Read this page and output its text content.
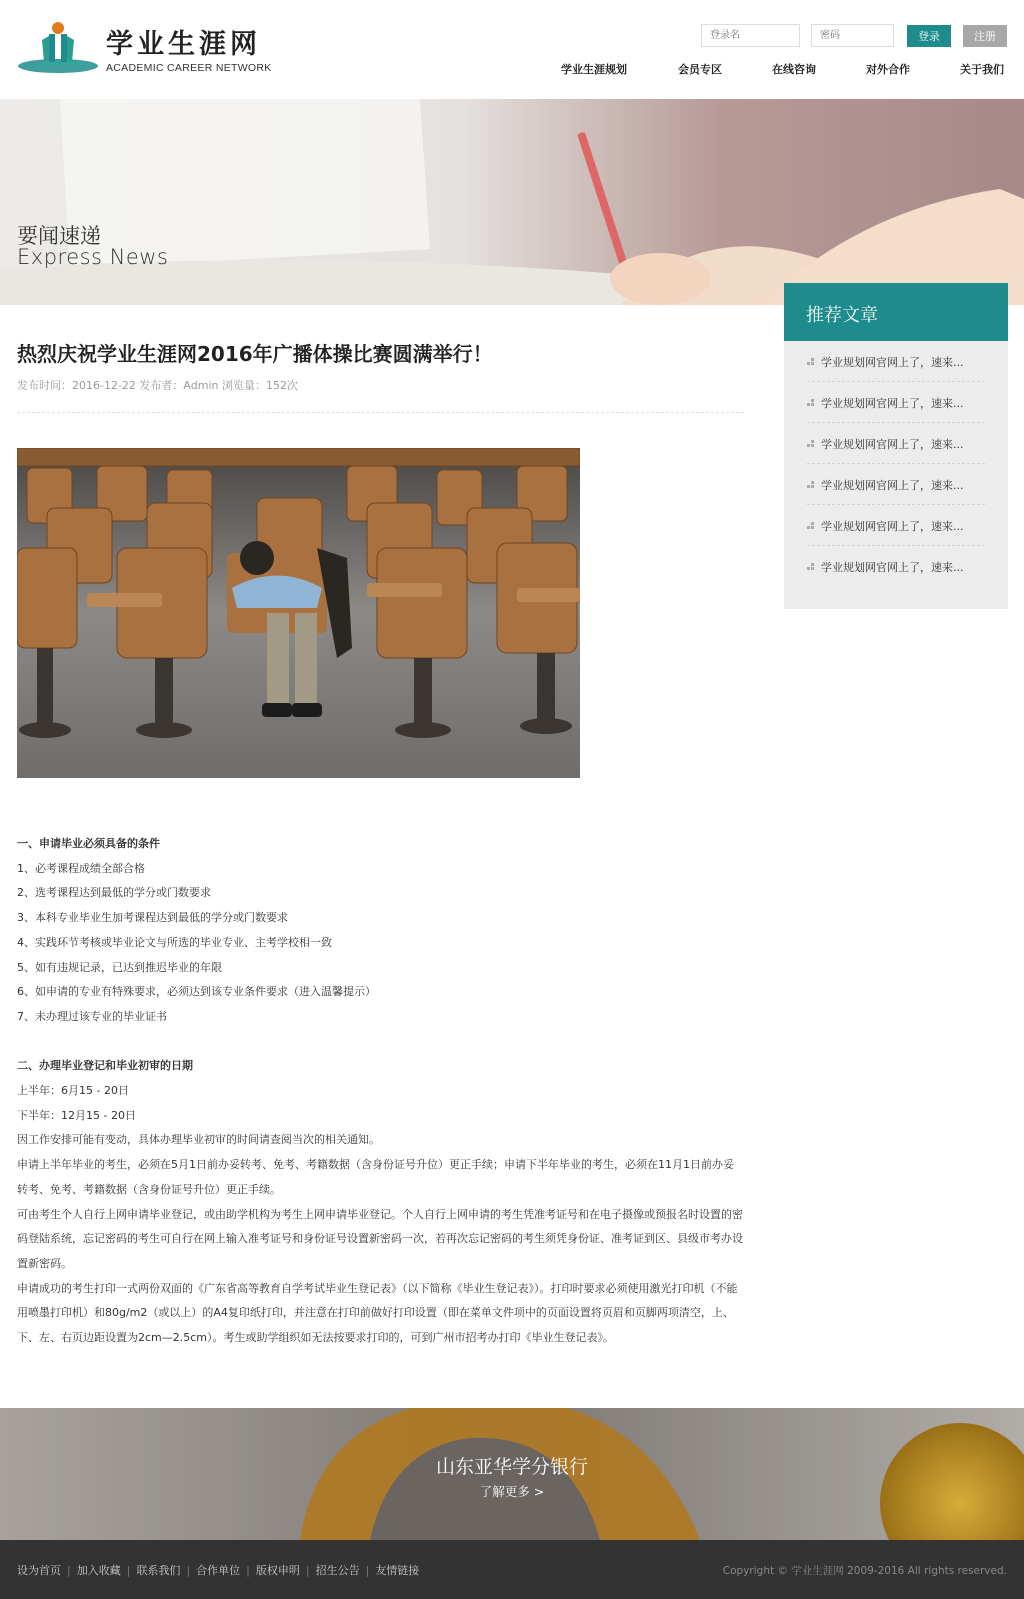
学业生涯网
ACADEMIC CAREER NETWORK
登录名
登录	注册
学业生涯规划	会员专区	在线咨询	对外合作	关于我们
要闻速递
Express News
推荐文章
学业规划网官网上了，速来...
学业规划网官网上了，速来...
学业规划网官网上了，速来...
学业规划网官网上了，速来...
学业规划网官网上了，速来...
学业规划网官网上了，速来...
热烈庆祝学业生涯网2016年广播体操比赛圆满举行！
发布时间：2016-12-22 发布者：Admin 浏览量：152次
一、申请毕业必须具备的条件

1、必考课程成绩全部合格

2、选考课程达到最低的学分或门数要求

3、本科专业毕业生加考课程达到最低的学分或门数要求

4、实践环节考核或毕业论文与所选的毕业专业、主考学校相一致

5、如有违规记录，已达到推迟毕业的年限

6、如申请的专业有特殊要求，必须达到该专业条件要求（进入温馨提示）

7、未办理过该专业的毕业证书

二、办理毕业登记和毕业初审的日期

上半年：6月15 - 20日

下半年：12月15 - 20日

因工作安排可能有变动，具体办理毕业初审的时间请查阅当次的相关通知。

申请上半年毕业的考生，必须在5月1日前办妥转考、免考、考籍数据（含身份证号升位）更正手续；申请下半年毕业的考生，必须在11月1日前办妥转考、免考、考籍数据（含身份证号升位）更正手续。

可由考生个人自行上网申请毕业登记，或由助学机构为考生上网申请毕业登记。个人自行上网申请的考生凭准考证号和在电子摄像或预报名时设置的密码登陆系统，忘记密码的考生可自行在网上输入准考证号和身份证号设置新密码一次，若再次忘记密码的考生须凭身份证、准考证到区、县级市考办设置新密码。

申请成功的考生打印一式两份双面的《广东省高等教育自学考试毕业生登记表》（以下简称《毕业生登记表》）。打印时要求必须使用激光打印机（不能用喷墨打印机）和80g/m2（或以上）的A4复印纸打印，并注意在打印前做好打印设置（即在菜单文件项中的页面设置将页眉和页脚两项清空，上、下、左、右页边距设置为2cm—2.5cm）。考生或助学组织如无法按要求打印的，可到广州市招考办打印《毕业生登记表》。

山东亚华学分银行
了解更多 >
设为首页 | 加入收藏 | 联系我们 | 合作单位 | 版权申明 | 招生公告 | 友情链接	Copyright © 学业生涯网 2009-2016 All rights reserved.
